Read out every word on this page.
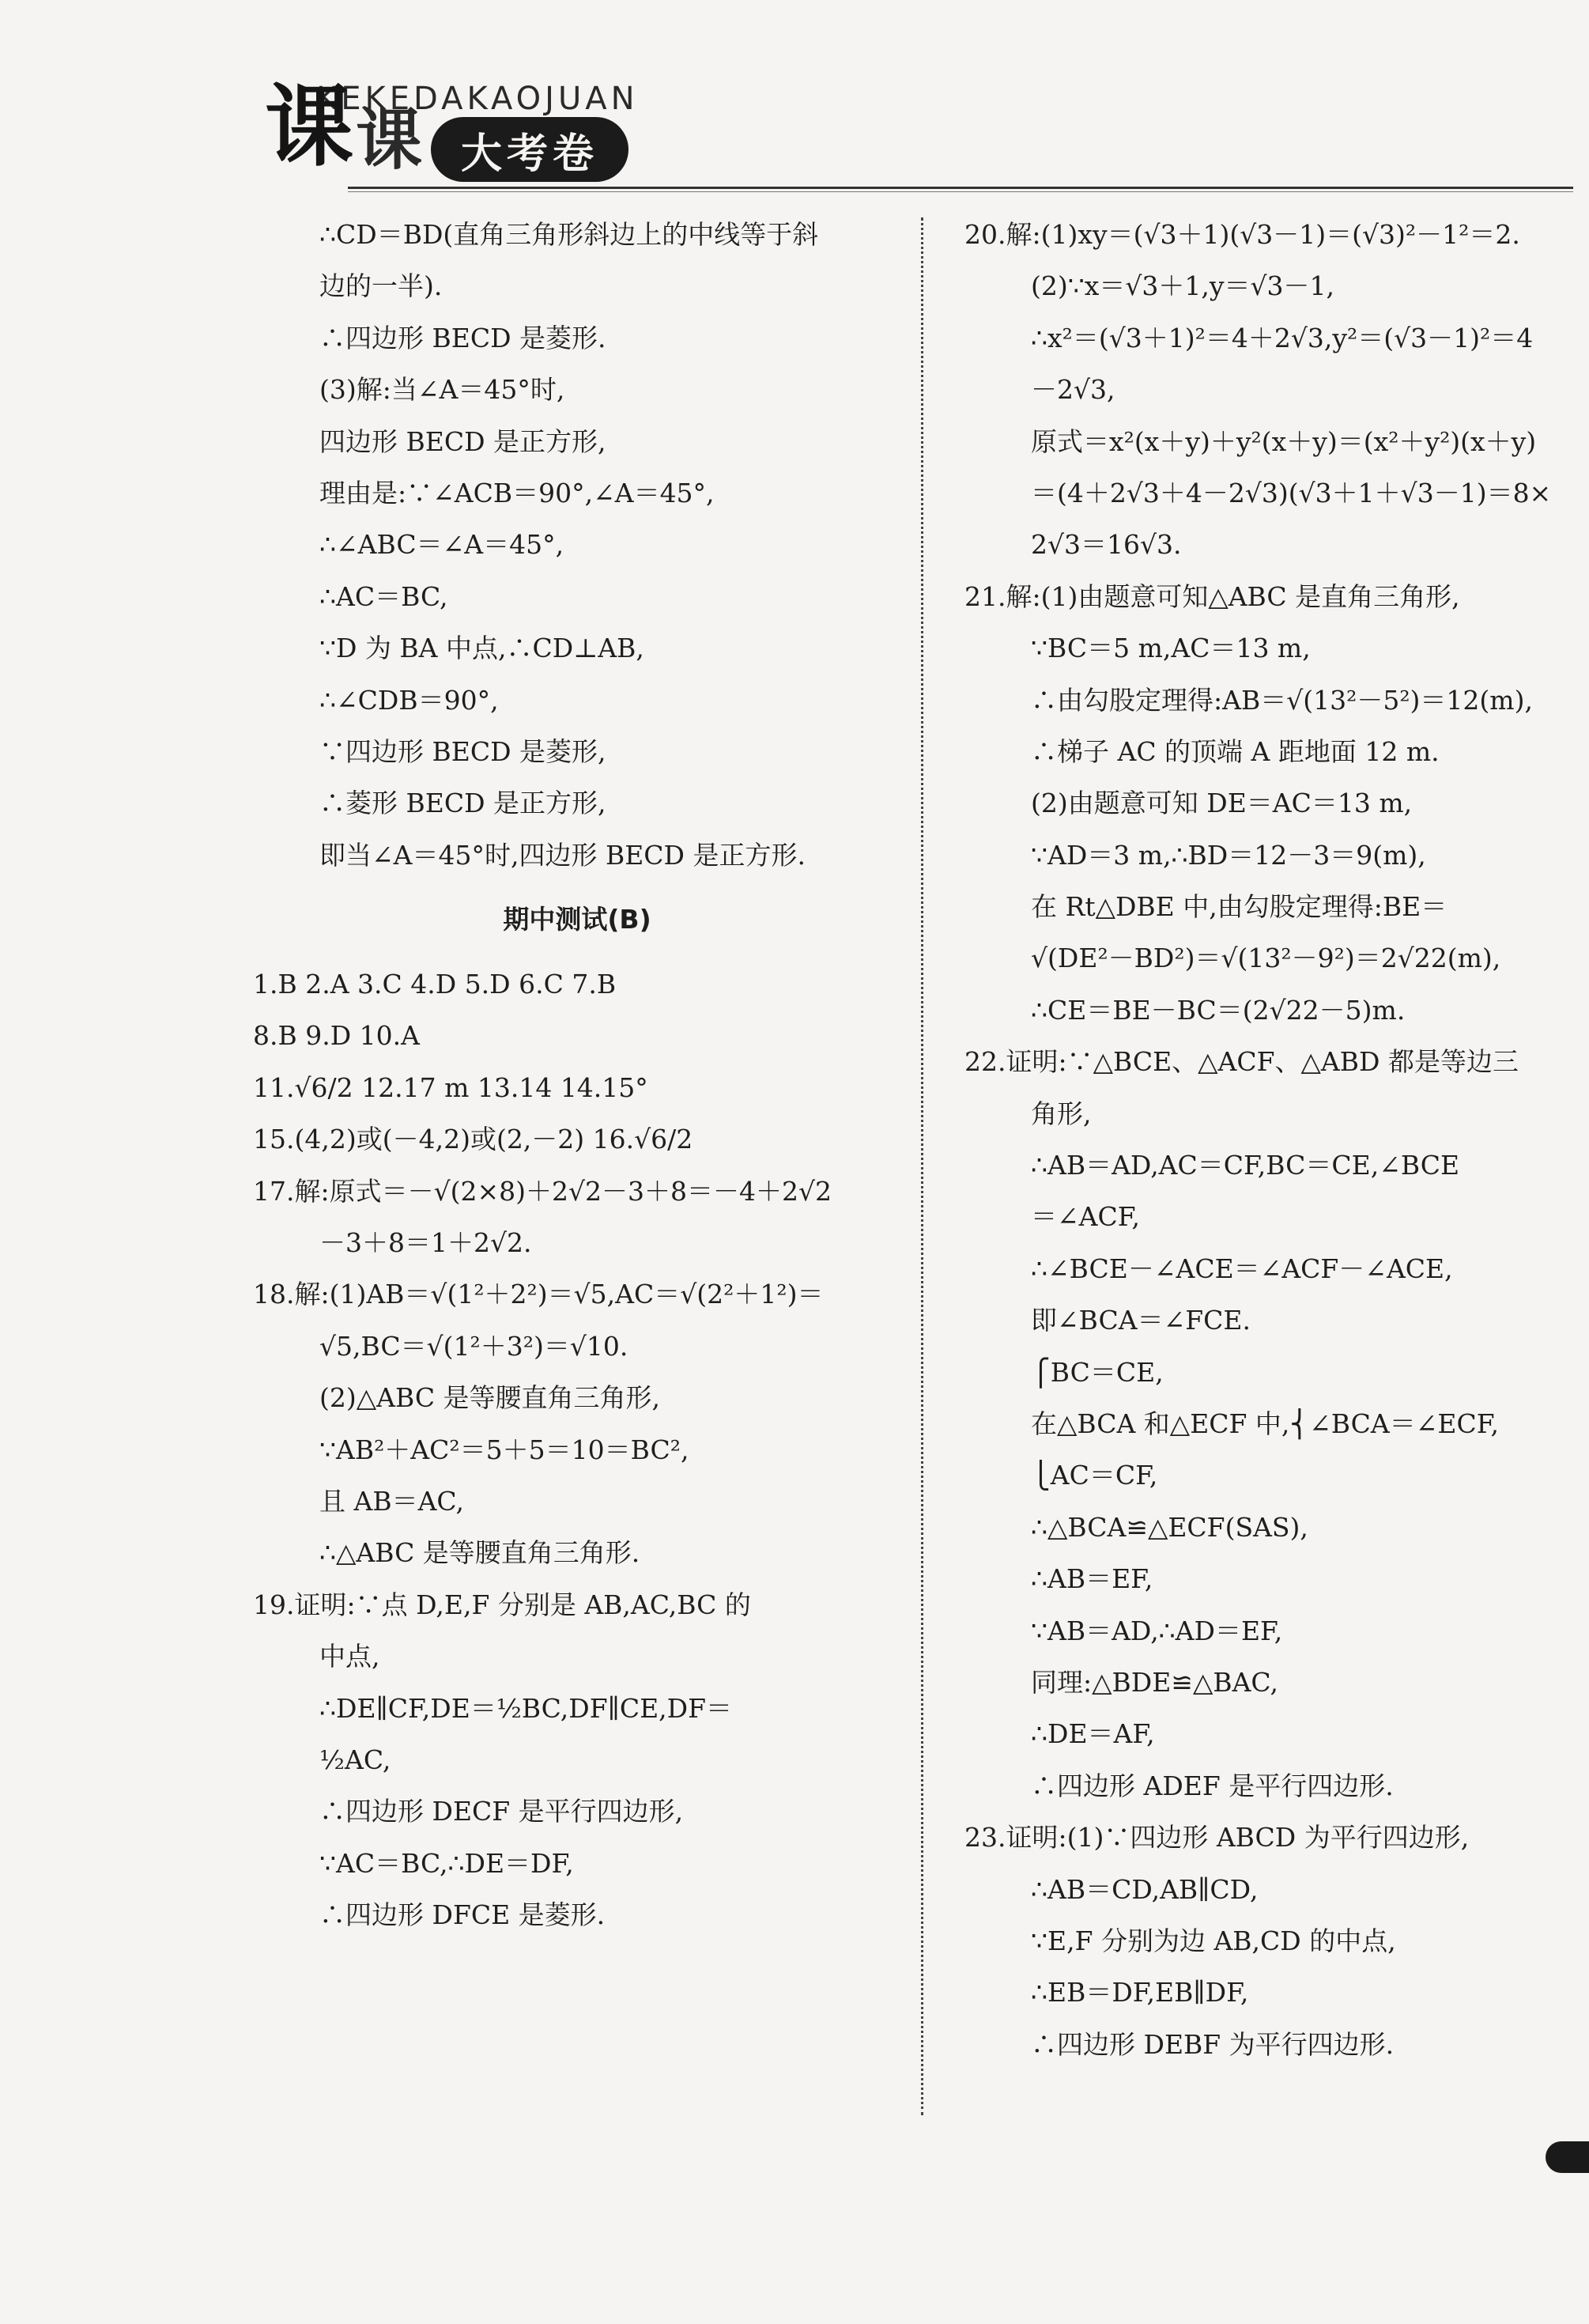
KEKEDAKAOJUAN
课 课 大考卷
∴CD＝BD(直角三角形斜边上的中线等于斜
边的一半).
∴四边形 BECD 是菱形.
(3)解:当∠A＝45°时,
四边形 BECD 是正方形,
理由是:∵∠ACB＝90°,∠A＝45°,
∴∠ABC＝∠A＝45°,
∴AC＝BC,
∵D 为 BA 中点,∴CD⊥AB,
∴∠CDB＝90°,
∵四边形 BECD 是菱形,
∴菱形 BECD 是正方形,
即当∠A＝45°时,四边形 BECD 是正方形.
期中测试(B)
1.B 2.A 3.C 4.D 5.D 6.C 7.B
8.B 9.D 10.A
11.√6/2 12.17 m 13.14 14.15°
15.(4,2)或(－4,2)或(2,－2) 16.√6/2
17.解:原式＝－√(2×8)＋2√2－3＋8＝－4＋2√2
－3＋8＝1＋2√2.
18.解:(1)AB＝√(1²＋2²)＝√5,AC＝√(2²＋1²)＝
√5,BC＝√(1²＋3²)＝√10.
(2)△ABC 是等腰直角三角形,
∵AB²＋AC²＝5＋5＝10＝BC²,
且 AB＝AC,
∴△ABC 是等腰直角三角形.
19.证明:∵点 D,E,F 分别是 AB,AC,BC 的
中点,
∴DE∥CF,DE＝½BC,DF∥CE,DF＝
½AC,
∴四边形 DECF 是平行四边形,
∵AC＝BC,∴DE＝DF,
∴四边形 DFCE 是菱形.
20.解:(1)xy＝(√3＋1)(√3－1)＝(√3)²－1²＝2.
(2)∵x＝√3＋1,y＝√3－1,
∴x²＝(√3＋1)²＝4＋2√3,y²＝(√3－1)²＝4
－2√3,
原式＝x²(x＋y)＋y²(x＋y)＝(x²＋y²)(x＋y)
＝(4＋2√3＋4－2√3)(√3＋1＋√3－1)＝8×
2√3＝16√3.
21.解:(1)由题意可知△ABC 是直角三角形,
∵BC＝5 m,AC＝13 m,
∴由勾股定理得:AB＝√(13²－5²)＝12(m),
∴梯子 AC 的顶端 A 距地面 12 m.
(2)由题意可知 DE＝AC＝13 m,
∵AD＝3 m,∴BD＝12－3＝9(m),
在 Rt△DBE 中,由勾股定理得:BE＝
√(DE²－BD²)＝√(13²－9²)＝2√22(m),
∴CE＝BE－BC＝(2√22－5)m.
22.证明:∵△BCE、△ACF、△ABD 都是等边三
角形,
∴AB＝AD,AC＝CF,BC＝CE,∠BCE
＝∠ACF,
∴∠BCE－∠ACE＝∠ACF－∠ACE,
即∠BCA＝∠FCE.
⎧BC＝CE,
在△BCA 和△ECF 中,⎨∠BCA＝∠ECF,
⎩AC＝CF,
∴△BCA≌△ECF(SAS),
∴AB＝EF,
∵AB＝AD,∴AD＝EF,
同理:△BDE≌△BAC,
∴DE＝AF,
∴四边形 ADEF 是平行四边形.
23.证明:(1)∵四边形 ABCD 为平行四边形,
∴AB＝CD,AB∥CD,
∵E,F 分别为边 AB,CD 的中点,
∴EB＝DF,EB∥DF,
∴四边形 DEBF 为平行四边形.
